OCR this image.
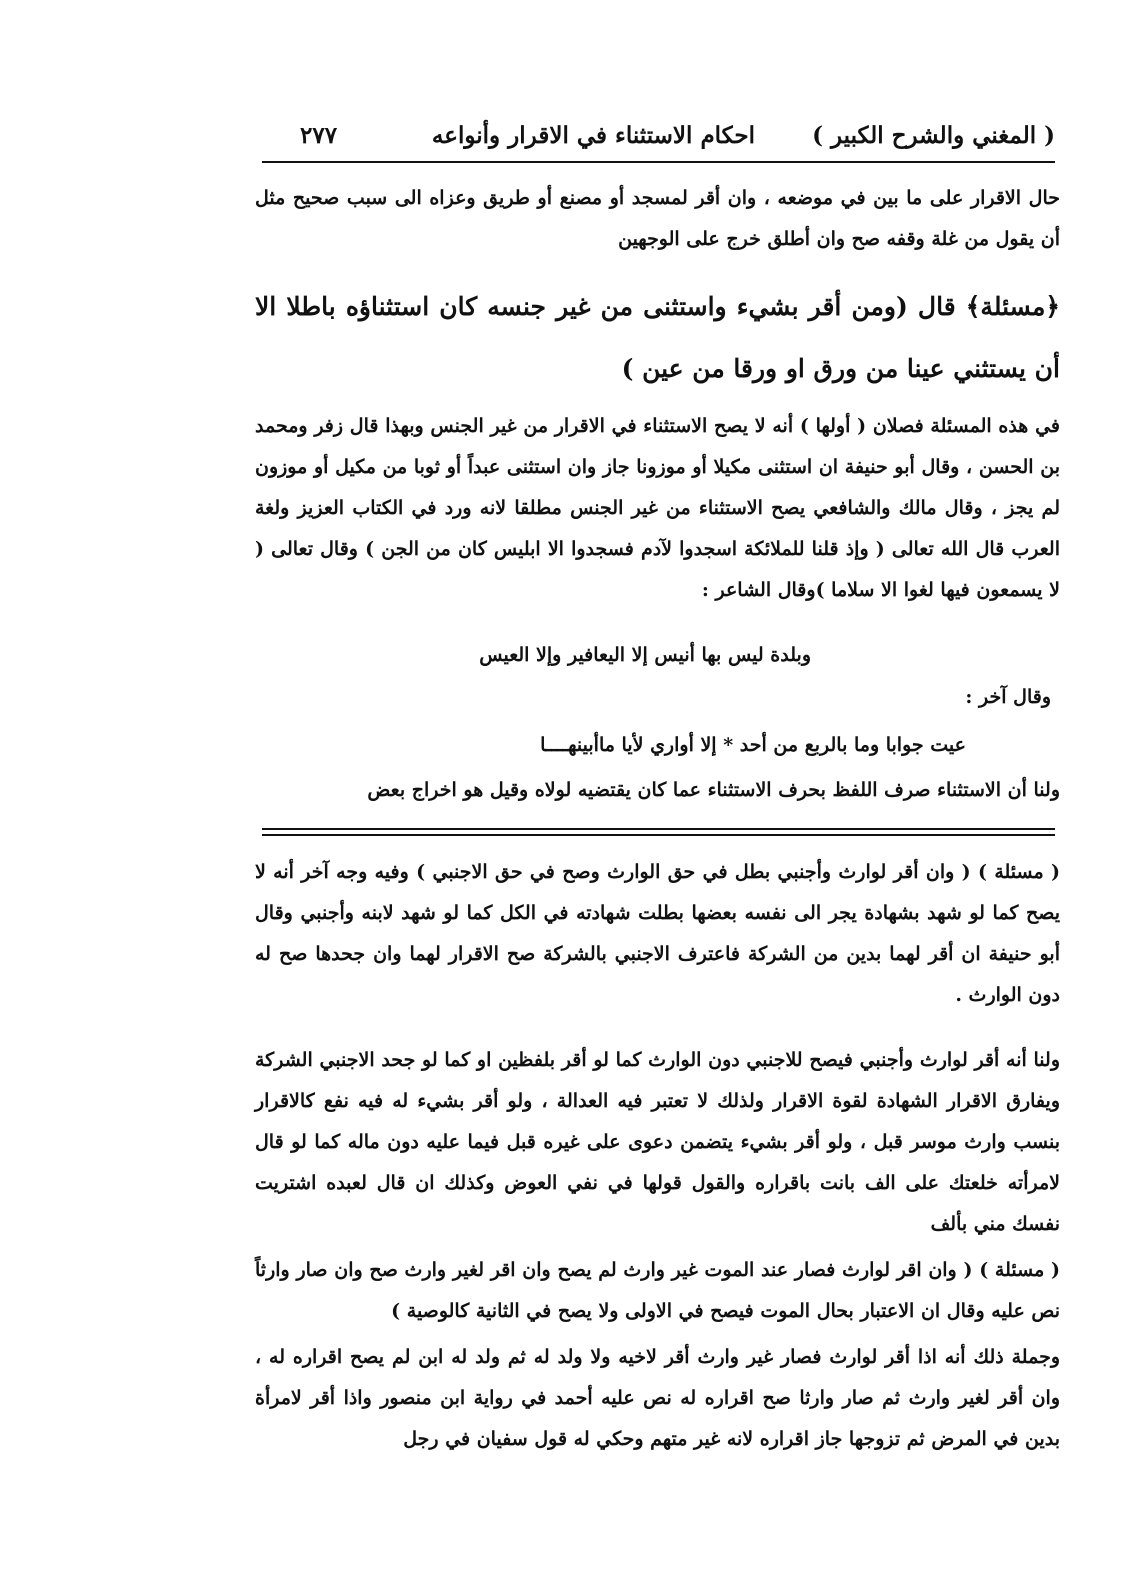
( المغني والشرح الكبير )
احكام الاستثناء في الاقرار وأنواعه
٢٧٧

حال الاقرار على ما بين في موضعه ، وان أقر لمسجد أو مصنع أو طريق وعزاه الى سبب صحيح مثل أن يقول من غلة وقفه صح وان أطلق خرج على الوجهين

﴿مسئلة﴾ قال (ومن أقر بشيء واستثنى من غير جنسه كان استثناؤه باطلا الا أن يستثني عينا من ورق او ورقا من عين )

في هذه المسئلة فصلان ( أولها ) أنه لا يصح الاستثناء في الاقرار من غير الجنس وبهذا قال زفر ومحمد بن الحسن ، وقال أبو حنيفة ان استثنى مكيلا أو موزونا جاز وان استثنى عبداً أو ثوبا من مكيل أو موزون لم يجز ، وقال مالك والشافعي يصح الاستثناء من غير الجنس مطلقا لانه ورد في الكتاب العزيز ولغة العرب قال الله تعالى ( وإذ قلنا للملائكة اسجدوا لآدم فسجدوا الا ابليس كان من الجن ) وقال تعالى ( لا يسمعون فيها لغوا الا سلاما )وقال الشاعر :

وبلدة ليس بها أنيس إلا اليعافير وإلا العيس
وقال آخر :
عيت جوابا وما بالربع من أحد * إلا أواري لأيا ماأبينهــــا

ولنا أن الاستثناء صرف اللفظ بحرف الاستثناء عما كان يقتضيه لولاه وقيل هو اخراج بعض

( مسئلة ) ( وان أقر لوارث وأجنبي بطل في حق الوارث وصح في حق الاجنبي ) وفيه وجه آخر أنه لا يصح كما لو شهد بشهادة يجر الى نفسه بعضها بطلت شهادته في الكل كما لو شهد لابنه وأجنبي وقال أبو حنيفة ان أقر لهما بدين من الشركة فاعترف الاجنبي بالشركة صح الاقرار لهما وان جحدها صح له دون الوارث .

ولنا أنه أقر لوارث وأجنبي فيصح للاجنبي دون الوارث كما لو أقر بلفظين او كما لو جحد الاجنبي الشركة ويفارق الاقرار الشهادة لقوة الاقرار ولذلك لا تعتبر فيه العدالة ، ولو أقر بشيء له فيه نفع كالاقرار بنسب وارث موسر قبل ، ولو أقر بشيء يتضمن دعوى على غيره قبل فيما عليه دون ماله كما لو قال لامرأته خلعتك على الف بانت باقراره والقول قولها في نفي العوض وكذلك ان قال لعبده اشتريت نفسك مني بألف

( مسئلة ) ( وان اقر لوارث فصار عند الموت غير وارث لم يصح وان اقر لغير وارث صح وان صار وارثاً نص عليه وقال ان الاعتبار بحال الموت فيصح في الاولى ولا يصح في الثانية كالوصية )

وجملة ذلك أنه اذا أقر لوارث فصار غير وارث أقر لاخيه ولا ولد له ثم ولد له ابن لم يصح اقراره له ، وان أقر لغير وارث ثم صار وارثا صح اقراره له نص عليه أحمد في رواية ابن منصور واذا أقر لامرأة بدين في المرض ثم تزوجها جاز اقراره لانه غير متهم وحكي له قول سفيان في رجل
